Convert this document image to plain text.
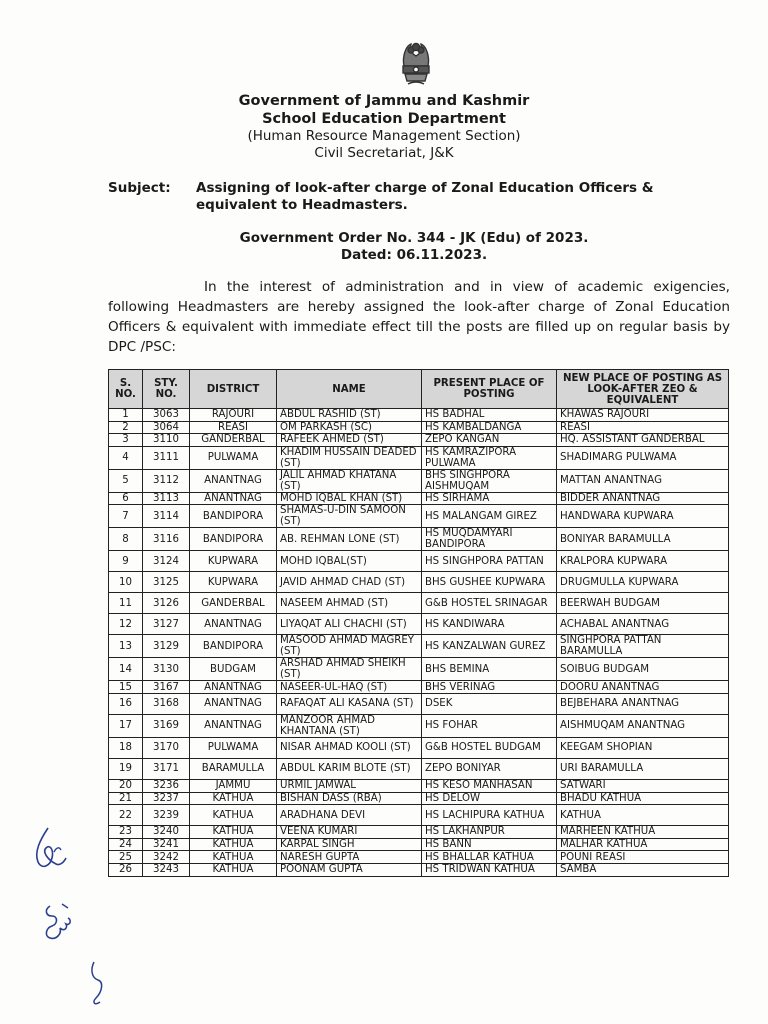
Government of Jammu and Kashmir
School Education Department
(Human Resource Management Section)
Civil Secretariat, J&K
Subject: Assigning of look-after charge of Zonal Education Officers & equivalent to Headmasters.
Government Order No. 344 - JK (Edu) of 2023.
Dated: 06.11.2023.
In the interest of administration and in view of academic exigencies, following Headmasters are hereby assigned the look-after charge of Zonal Education Officers & equivalent with immediate effect till the posts are filled up on regular basis by DPC /PSC:
S. NO.	STY. NO.	DISTRICT	NAME	PRESENT PLACE OF POSTING	NEW PLACE OF POSTING AS LOOK-AFTER ZEO & EQUIVALENT
1	3063	RAJOURI	ABDUL RASHID (ST)	HS BADHAL	KHAWAS RAJOURI
2	3064	REASI	OM PARKASH (SC)	HS KAMBALDANGA	REASI
3	3110	GANDERBAL	RAFEEK AHMED (ST)	ZEPO KANGAN	HQ. ASSISTANT GANDERBAL
4	3111	PULWAMA	KHADIM HUSSAIN DEADED (ST)	HS KAMRAZIPORA PULWAMA	SHADIMARG PULWAMA
5	3112	ANANTNAG	JALIL AHMAD KHATANA (ST)	BHS SINGHPORA AISHMUQAM	MATTAN ANANTNAG
6	3113	ANANTNAG	MOHD IQBAL KHAN (ST)	HS SIRHAMA	BIDDER ANANTNAG
7	3114	BANDIPORA	SHAMAS-U-DIN SAMOON (ST)	HS MALANGAM GIREZ	HANDWARA KUPWARA
8	3116	BANDIPORA	AB. REHMAN LONE (ST)	HS MUQDAMYARI BANDIPORA	BONIYAR BARAMULLA
9	3124	KUPWARA	MOHD IQBAL(ST)	HS SINGHPORA PATTAN	KRALPORA KUPWARA
10	3125	KUPWARA	JAVID AHMAD CHAD (ST)	BHS GUSHEE KUPWARA	DRUGMULLA KUPWARA
11	3126	GANDERBAL	NASEEM AHMAD (ST)	G&B HOSTEL SRINAGAR	BEERWAH BUDGAM
12	3127	ANANTNAG	LIYAQAT ALI CHACHI (ST)	HS KANDIWARA	ACHABAL ANANTNAG
13	3129	BANDIPORA	MASOOD AHMAD MAGREY (ST)	HS KANZALWAN GUREZ	SINGHPORA PATTAN BARAMULLA
14	3130	BUDGAM	ARSHAD AHMAD SHEIKH (ST)	BHS BEMINA	SOIBUG BUDGAM
15	3167	ANANTNAG	NASEER-UL-HAQ (ST)	BHS VERINAG	DOORU ANANTNAG
16	3168	ANANTNAG	RAFAQAT ALI KASANA (ST)	DSEK	BEJBEHARA ANANTNAG
17	3169	ANANTNAG	MANZOOR AHMAD KHANTANA (ST)	HS FOHAR	AISHMUQAM ANANTNAG
18	3170	PULWAMA	NISAR AHMAD KOOLI (ST)	G&B HOSTEL BUDGAM	KEEGAM SHOPIAN
19	3171	BARAMULLA	ABDUL KARIM BLOTE (ST)	ZEPO BONIYAR	URI BARAMULLA
20	3236	JAMMU	URMIL JAMWAL	HS KESO MANHASAN	SATWARI
21	3237	KATHUA	BISHAN DASS (RBA)	HS DELOW	BHADU KATHUA
22	3239	KATHUA	ARADHANA DEVI	HS LACHIPURA KATHUA	KATHUA
23	3240	KATHUA	VEENA KUMARI	HS LAKHANPUR	MARHEEN KATHUA
24	3241	KATHUA	KARPAL SINGH	HS BANN	MALHAR KATHUA
25	3242	KATHUA	NARESH GUPTA	HS BHALLAR KATHUA	POUNI REASI
26	3243	KATHUA	POONAM GUPTA	HS TRIDWAN KATHUA	SAMBA
